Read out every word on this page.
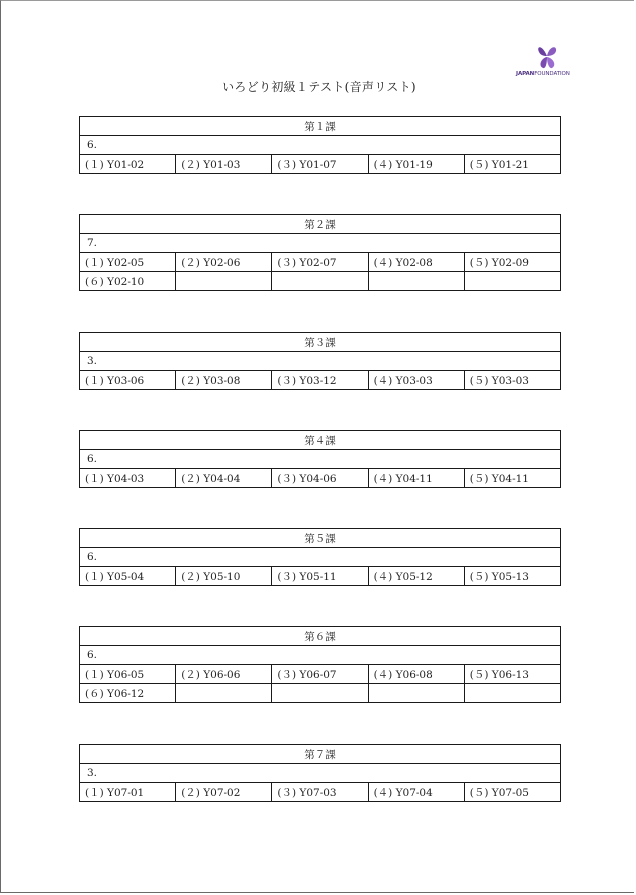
JAPANFOUNDATION
いろどり初級１テスト(音声リスト)
第１課
6.
(１) Y01-02	(２) Y01-03	(３) Y01-07	(４) Y01-19	(５) Y01-21
第２課				
7.				
(１) Y02-05	(２) Y02-06	(３) Y02-07	(４) Y02-08	(５) Y02-09
(６) Y02-10				
第３課
3.
(１) Y03-06	(２) Y03-08	(３) Y03-12	(４) Y03-03	(５) Y03-03
第４課
6.
(１) Y04-03	(２) Y04-04	(３) Y04-06	(４) Y04-11	(５) Y04-11
第５課
6.
(１) Y05-04	(２) Y05-10	(３) Y05-11	(４) Y05-12	(５) Y05-13
第６課				
6.				
(１) Y06-05	(２) Y06-06	(３) Y06-07	(４) Y06-08	(５) Y06-13
(６) Y06-12				
第７課
3.
(１) Y07-01	(２) Y07-02	(３) Y07-03	(４) Y07-04	(５) Y07-05
